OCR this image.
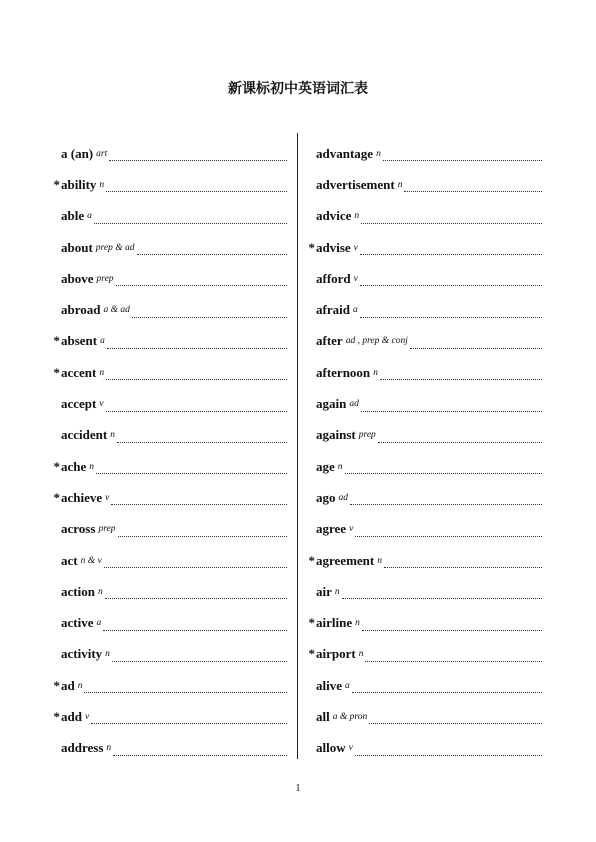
新课标初中英语词汇表
a (an) art
* ability n
able a
about prep & ad
above prep
abroad a & ad
* absent a
* accent n
accept v
accident n
* ache n
* achieve v
across prep
act n & v
action n
active a
activity n
* ad n
* add v
address n
advantage n
advertisement n
advice n
* advise v
afford v
afraid a
after ad , prep & conj
afternoon n
again ad
against prep
age n
ago ad
agree v
* agreement n
air n
* airline n
* airport n
alive a
all a & pron
allow v
1
